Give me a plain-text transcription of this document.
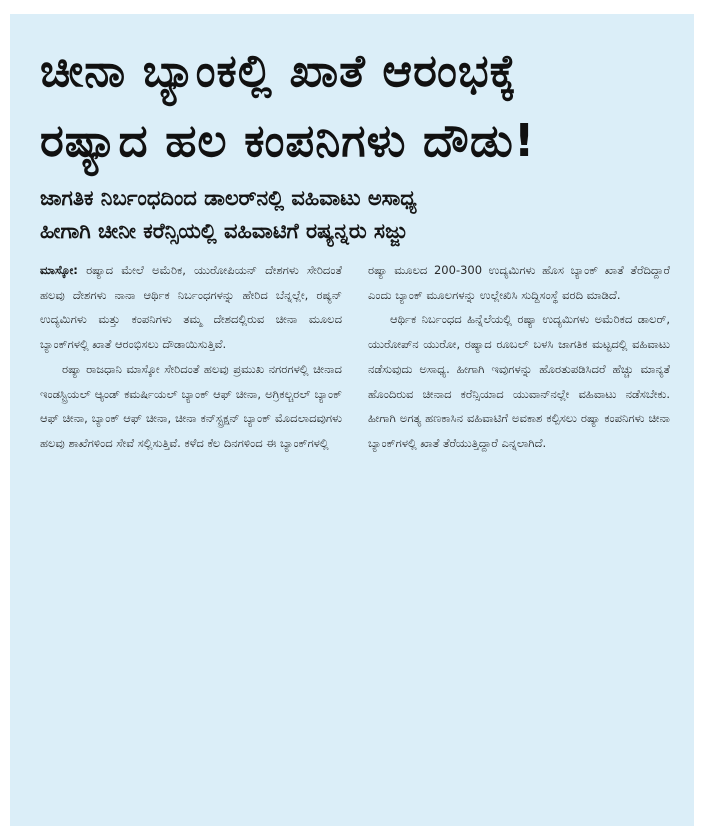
ಚೀನಾ ಬ್ಯಾಂಕಲ್ಲಿ ಖಾತೆ ಆರಂಭಕ್ಕೆ
ರಷ್ಯಾದ ಹಲ ಕಂಪನಿಗಳು ದೌಡು!
ಜಾಗತಿಕ ನಿರ್ಬಂಧದಿಂದ ಡಾಲರ್‌ನಲ್ಲಿ ವಹಿವಾಟು ಅಸಾಧ್ಯ
ಹೀಗಾಗಿ ಚೀನೀ ಕರೆನ್ಸಿಯಲ್ಲಿ ವಹಿವಾಟಿಗೆ ರಷ್ಯನ್ನರು ಸಜ್ಜು

ಮಾಸ್ಕೋ: ರಷ್ಯಾದ ಮೇಲೆ ಅಮೆರಿಕ, ಯುರೋಪಿಯನ್ ದೇಶಗಳು ಸೇರಿದಂತೆ ಹಲವು ದೇಶಗಳು ನಾನಾ ಆರ್ಥಿಕ ನಿರ್ಬಂಧಗಳನ್ನು ಹೇರಿದ ಬೆನ್ನಲ್ಲೇ, ರಷ್ಯನ್ ಉದ್ಯಮಿಗಳು ಮತ್ತು ಕಂಪನಿಗಳು ತಮ್ಮ ದೇಶದಲ್ಲಿರುವ ಚೀನಾ ಮೂಲದ ಬ್ಯಾಂಕ್‌ಗಳಲ್ಲಿ ಖಾತೆ ಆರಂಭಿಸಲು ದೌಡಾಯಿಸುತ್ತಿವೆ.

ರಷ್ಯಾ ರಾಜಧಾನಿ ಮಾಸ್ಕೋ ಸೇರಿದಂತೆ ಹಲವು ಪ್ರಮುಖ ನಗರಗಳಲ್ಲಿ ಚೀನಾದ ಇಂಡಸ್ಟ್ರಿಯಲ್ ಆ್ಯಂಡ್ ಕಮರ್ಷಿಯಲ್ ಬ್ಯಾಂಕ್ ಆಫ್ ಚೀನಾ, ಅಗ್ರಿಕಲ್ಚರಲ್ ಬ್ಯಾಂಕ್ ಆಫ್ ಚೀನಾ, ಬ್ಯಾಂಕ್ ಆಫ್ ಚೀನಾ, ಚೀನಾ ಕನ್‌ಸ್ಟ್ರಕ್ಷನ್ ಬ್ಯಾಂಕ್ ಮೊದಲಾದವುಗಳು ಹಲವು ಶಾಖೆಗಳಿಂದ ಸೇವೆ ಸಲ್ಲಿಸುತ್ತಿವೆ. ಕಳೆದ ಕೆಲ ದಿನಗಳಿಂದ ಈ ಬ್ಯಾಂಕ್‌ಗಳಲ್ಲಿ

ರಷ್ಯಾ ಮೂಲದ 200-300 ಉದ್ಯಮಿಗಳು ಹೊಸ ಬ್ಯಾಂಕ್ ಖಾತೆ ತೆರೆದಿದ್ದಾರೆ ಎಂದು ಬ್ಯಾಂಕ್ ಮೂಲಗಳನ್ನು ಉಲ್ಲೇಖಿಸಿ ಸುದ್ದಿಸಂಸ್ಥೆ ವರದಿ ಮಾಡಿದೆ.

ಆರ್ಥಿಕ ನಿರ್ಬಂಧದ ಹಿನ್ನೆಲೆಯಲ್ಲಿ ರಷ್ಯಾ ಉದ್ಯಮಿಗಳು ಅಮೆರಿಕದ ಡಾಲರ್, ಯುರೋಪ್‌ನ ಯುರೋ, ರಷ್ಯಾದ ರೂಬಲ್ ಬಳಸಿ ಜಾಗತಿಕ ಮಟ್ಟದಲ್ಲಿ ವಹಿವಾಟು ನಡೆಸುವುದು ಅಸಾಧ್ಯ. ಹೀಗಾಗಿ ಇವುಗಳನ್ನು ಹೊರತುಪಡಿಸಿದರೆ ಹೆಚ್ಚು ಮಾನ್ಯತೆ ಹೊಂದಿರುವ ಚೀನಾದ ಕರೆನ್ಸಿಯಾದ ಯುವಾನ್‌ನಲ್ಲೇ ವಹಿವಾಟು ನಡೆಸಬೇಕು. ಹೀಗಾಗಿ ಅಗತ್ಯ ಹಣಕಾಸಿನ ವಹಿವಾಟಿಗೆ ಅವಕಾಶ ಕಲ್ಪಿಸಲು ರಷ್ಯಾ ಕಂಪನಿಗಳು ಚೀನಾ ಬ್ಯಾಂಕ್‌ಗಳಲ್ಲಿ ಖಾತೆ ತೆರೆಯುತ್ತಿದ್ದಾರೆ ಎನ್ನಲಾಗಿದೆ.
